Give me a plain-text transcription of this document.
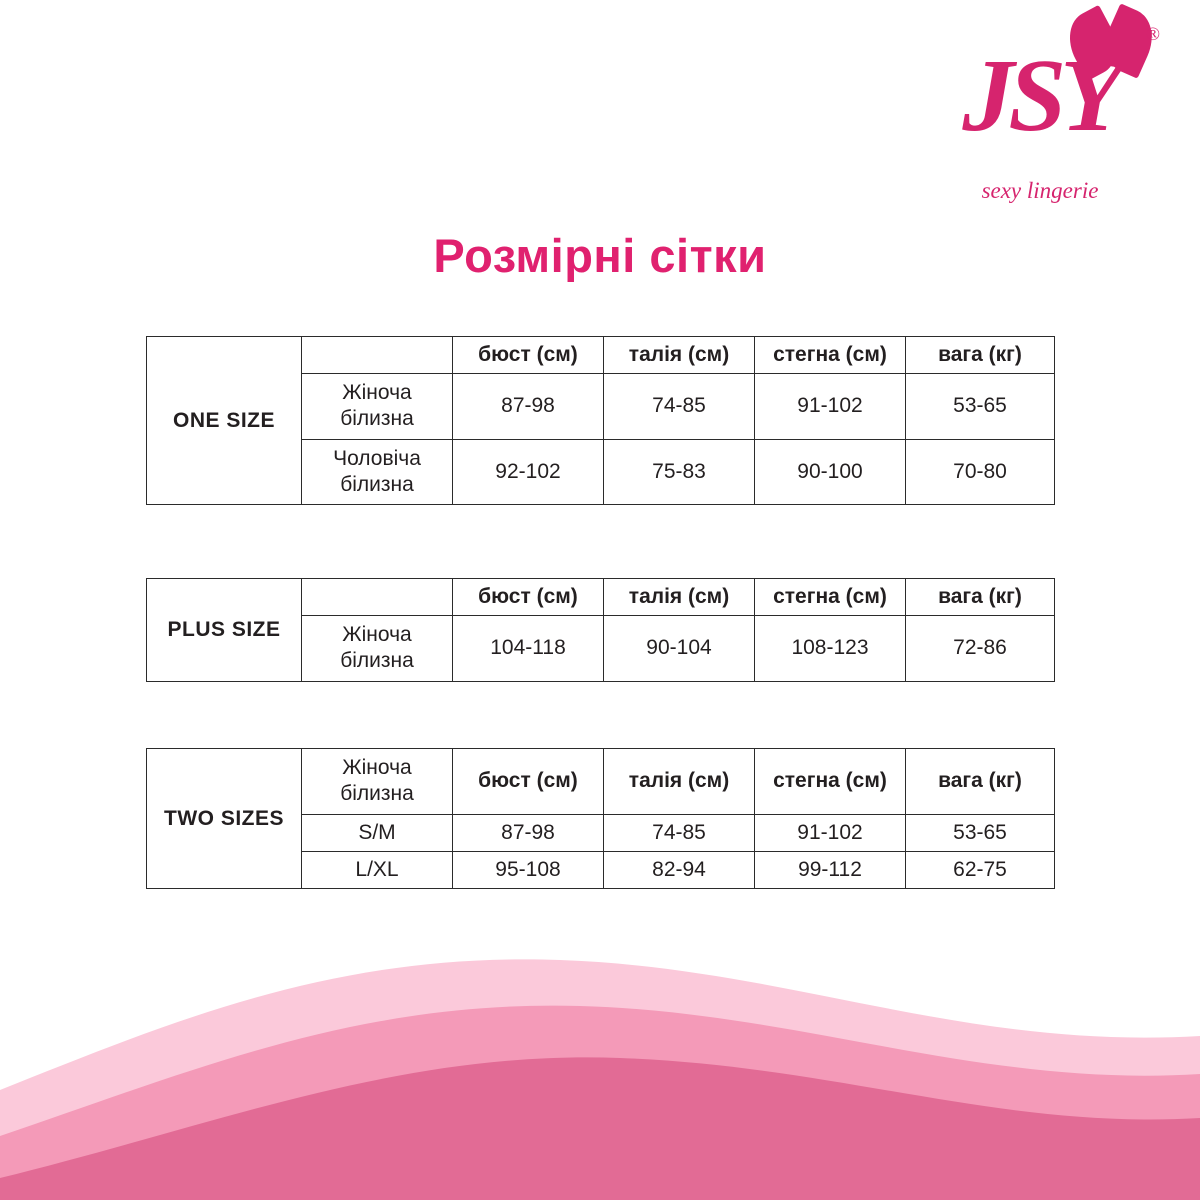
JSY
®
sexy lingerie
Розмірні сітки
ONE SIZE		бюст (см)	талія (см)	стегна (см)	вага (кг)
	Жіноча білизна	87-98	74-85	91-102	53-65
	Чоловіча білизна	92-102	75-83	90-100	70-80
PLUS SIZE		бюст (см)	талія (см)	стегна (см)	вага (кг)
	Жіноча білизна	104-118	90-104	108-123	72-86
TWO SIZES	Жіноча білизна	бюст (см)	талія (см)	стегна (см)	вага (кг)
	S/M	87-98	74-85	91-102	53-65
	L/XL	95-108	82-94	99-112	62-75
